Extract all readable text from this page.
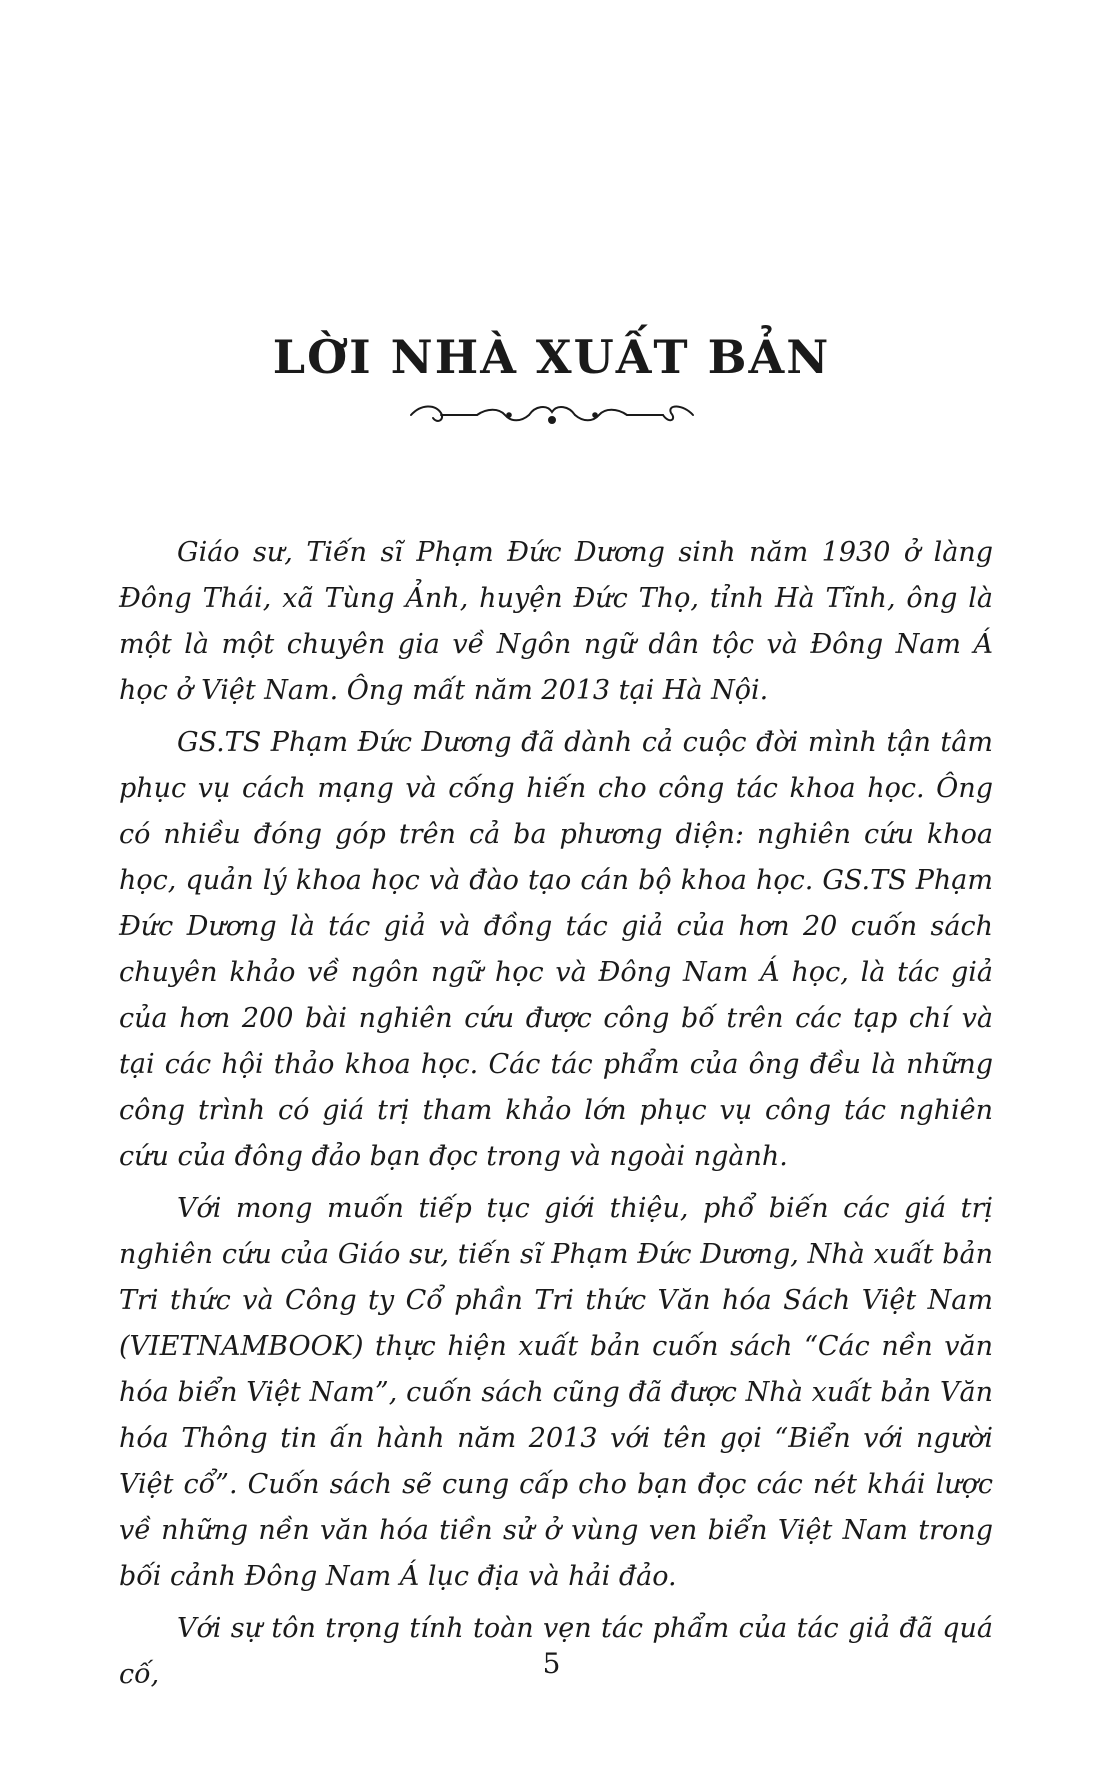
LỜI NHÀ XUẤT BẢN

Giáo sư, Tiến sĩ Phạm Đức Dương sinh năm 1930 ở làng Đông Thái, xã Tùng Ảnh, huyện Đức Thọ, tỉnh Hà Tĩnh, ông là một là một chuyên gia về Ngôn ngữ dân tộc và Đông Nam Á học ở Việt Nam. Ông mất năm 2013 tại Hà Nội.

GS.TS Phạm Đức Dương đã dành cả cuộc đời mình tận tâm phục vụ cách mạng và cống hiến cho công tác khoa học. Ông có nhiều đóng góp trên cả ba phương diện: nghiên cứu khoa học, quản lý khoa học và đào tạo cán bộ khoa học. GS.TS Phạm Đức Dương là tác giả và đồng tác giả của hơn 20 cuốn sách chuyên khảo về ngôn ngữ học và Đông Nam Á học, là tác giả của hơn 200 bài nghiên cứu được công bố trên các tạp chí và tại các hội thảo khoa học. Các tác phẩm của ông đều là những công trình có giá trị tham khảo lớn phục vụ công tác nghiên cứu của đông đảo bạn đọc trong và ngoài ngành.

Với mong muốn tiếp tục giới thiệu, phổ biến các giá trị nghiên cứu của Giáo sư, tiến sĩ Phạm Đức Dương, Nhà xuất bản Tri thức và Công ty Cổ phần Tri thức Văn hóa Sách Việt Nam (VIETNAMBOOK) thực hiện xuất bản cuốn sách “Các nền văn hóa biển Việt Nam”, cuốn sách cũng đã được Nhà xuất bản Văn hóa Thông tin ấn hành năm 2013 với tên gọi “Biển với người Việt cổ”. Cuốn sách sẽ cung cấp cho bạn đọc các nét khái lược về những nền văn hóa tiền sử ở vùng ven biển Việt Nam trong bối cảnh Đông Nam Á lục địa và hải đảo.

Với sự tôn trọng tính toàn vẹn tác phẩm của tác giả đã quá cố,	5
